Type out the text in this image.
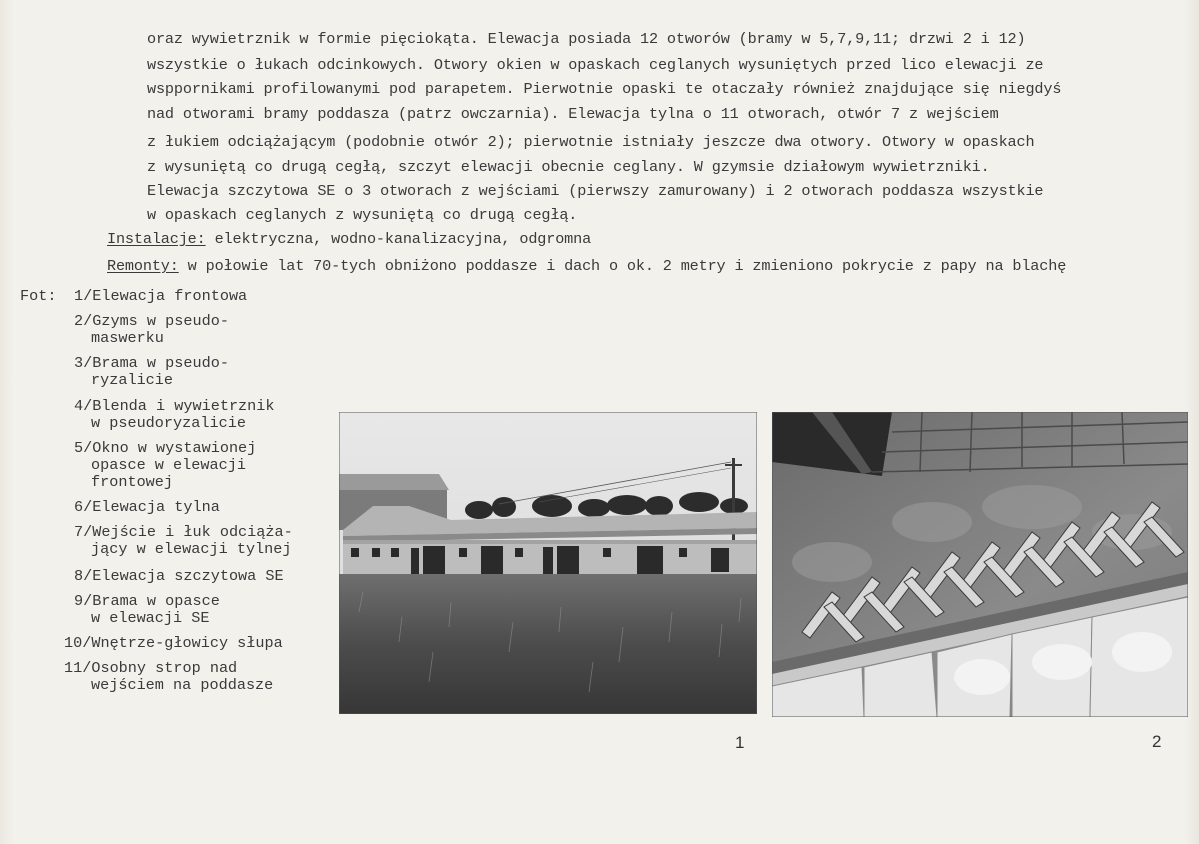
oraz wywietrznik w formie pięciokąta. Elewacja posiada 12 otworów (bramy w 5,7,9,11; drzwi 2 i 12)
wszystkie o łukach odcinkowych. Otwory okien w opaskach ceglanych wysuniętych przed lico elewacji ze
wsppornikami profilowanymi pod parapetem. Pierwotnie opaski te otaczały również znajdujące się niegdyś
nad otworami bramy poddasza (patrz owczarnia). Elewacja tylna o 11 otworach, otwór 7 z wejściem
z łukiem odciążającym (podobnie otwór 2); pierwotnie istniały jeszcze dwa otwory. Otwory w opaskach
z wysuniętą co drugą cegłą, szczyt elewacji obecnie ceglany. W gzymsie działowym wywietrzniki.
Elewacja szczytowa SE o 3 otworach z wejściami (pierwszy zamurowany) i 2 otworach poddasza wszystkie
w opaskach ceglanych z wysuniętą co drugą cegłą.
Instalacje: elektryczna, wodno-kanalizacyjna, odgromna
Remonty: w połowie lat 70-tych obniżono poddasze i dach o ok. 2 metry i zmieniono pokrycie z papy na blachę
Fot: 1/Elewacja frontowa
2/Gzyms w pseudo-
maswerku
3/Brama w pseudo-
ryzalicie
4/Blenda i wywietrznik
w pseudoryzalicie
5/Okno w wystawionej
opasce w elewacji
frontowej
6/Elewacja tylna
7/Wejście i łuk odciąża-
jący w elewacji tylnej
8/Elewacja szczytowa SE
9/Brama w opasce
w elewacji SE
10/Wnętrze-głowicy słupa
11/Osobny strop nad
wejściem na poddasze
1	2
